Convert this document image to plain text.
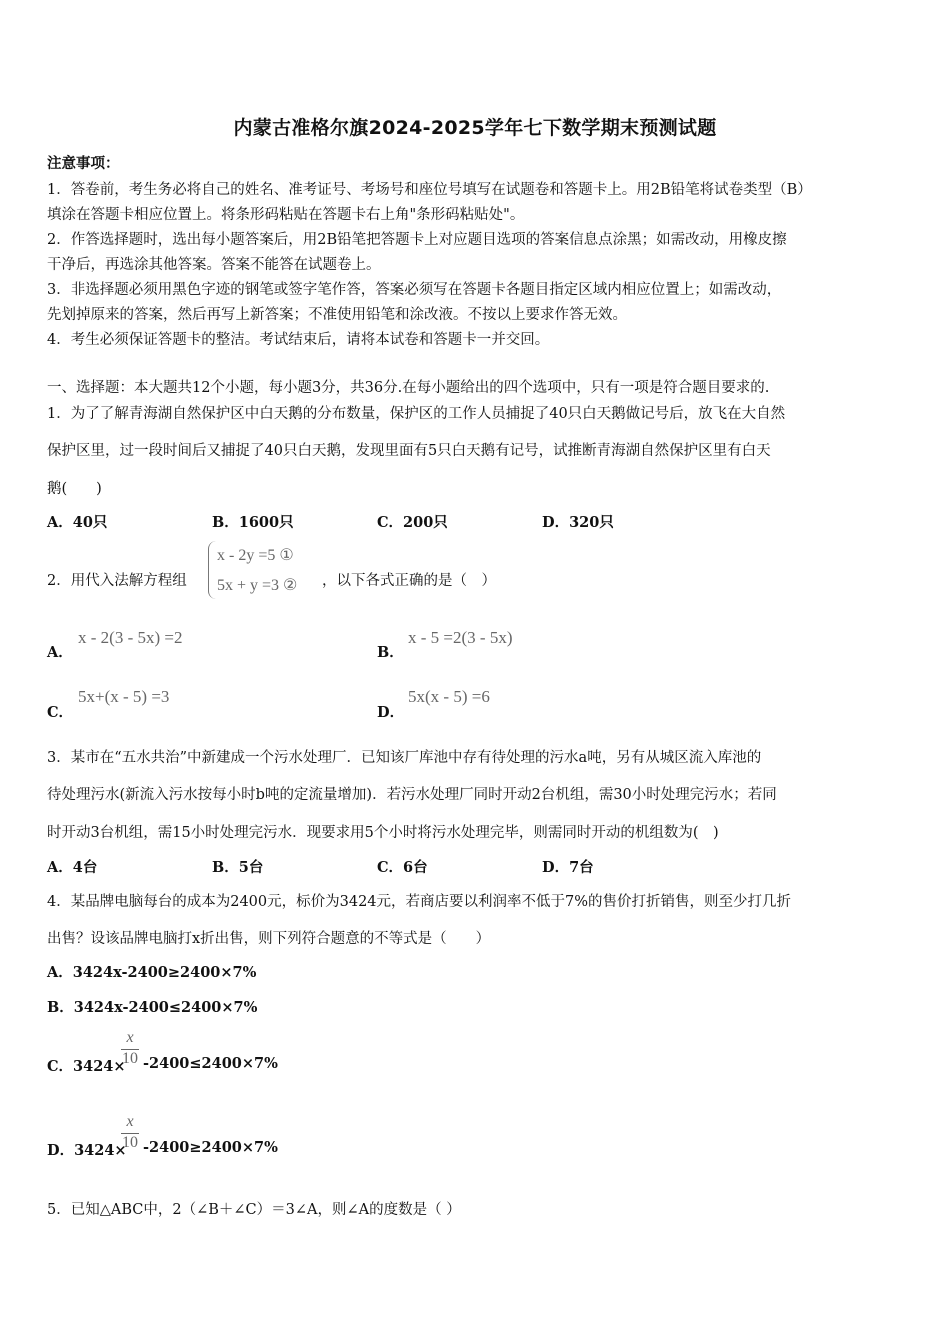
内蒙古准格尔旗2024-2025学年七下数学期末预测试题
注意事项：
1．答卷前，考生务必将自己的姓名、准考证号、考场号和座位号填写在试题卷和答题卡上。用2B铅笔将试卷类型（B）
填涂在答题卡相应位置上。将条形码粘贴在答题卡右上角"条形码粘贴处"。
2．作答选择题时，选出每小题答案后，用2B铅笔把答题卡上对应题目选项的答案信息点涂黑；如需改动，用橡皮擦
干净后，再选涂其他答案。答案不能答在试题卷上。
3．非选择题必须用黑色字迹的钢笔或签字笔作答，答案必须写在答题卡各题目指定区域内相应位置上；如需改动，
先划掉原来的答案，然后再写上新答案；不准使用铅笔和涂改液。不按以上要求作答无效。
4．考生必须保证答题卡的整洁。考试结束后，请将本试卷和答题卡一并交回。
一、选择题：本大题共12个小题，每小题3分，共36分.在每小题给出的四个选项中，只有一项是符合题目要求的.
1．为了了解青海湖自然保护区中白天鹅的分布数量，保护区的工作人员捕捉了40只白天鹅做记号后，放飞在大自然
保护区里，过一段时间后又捕捉了40只白天鹅，发现里面有5只白天鹅有记号，试推断青海湖自然保护区里有白天
鹅(　　)
A．40只	B．1600只	C．200只	D．320只
2．用代入法解方程组
x - 2y =5 ①
5x + y =3 ② ，以下各式正确的是（　）
A．
x - 2(3 - 5x) =2
B．
x - 5 =2(3 - 5x)
C．
5x+(x - 5) =3
D．
5x(x - 5) =6
3．某市在“五水共治”中新建成一个污水处理厂．已知该厂库池中存有待处理的污水a吨，另有从城区流入库池的
待处理污水(新流入污水按每小时b吨的定流量增加)．若污水处理厂同时开动2台机组，需30小时处理完污水；若同
时开动3台机组，需15小时处理完污水．现要求用5个小时将污水处理完毕，则需同时开动的机组数为(　)
A．4台	B．5台	C．6台	D．7台
4．某品牌电脑每台的成本为2400元，标价为3424元，若商店要以利润率不低于7%的售价打折销售，则至少打几折
出售？设该品牌电脑打x折出售，则下列符合题意的不等式是（　　）
A．3424x-2400≥2400×7%
B．3424x-2400≤2400×7%
C．3424×
x
10 -2400≤2400×7%
D．3424×
x
10 -2400≥2400×7%
5．已知△ABC中，2（∠B＋∠C）＝3∠A，则∠A的度数是（ ）
